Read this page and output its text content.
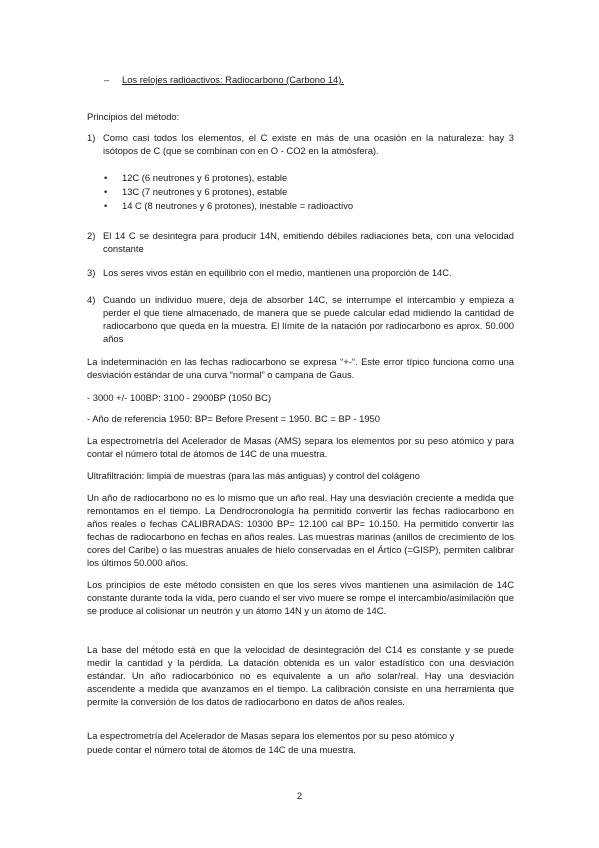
– Los relojes radioactivos: Radiocarbono (Carbono 14).

Principios del método:

1) Como casi todos los elementos, el C existe en más de una ocasión en la naturaleza: hay 3 isótopos de C (que se combinan con en O - CO2 en la atmósfera).
• 12C (6 neutrones y 6 protones), estable
• 13C (7 neutrones y 6 protones), estable
• 14 C (8 neutrones y 6 protones), inestable = radioactivo
2) El 14 C se desintegra para producir 14N, emitiendo débiles radiaciones beta, con una velocidad constante
3) Los seres vivos están en equilibrio con el medio, mantienen una proporción de 14C.
4) Cuando un individuo muere, deja de absorber 14C, se interrumpe el intercambio y empieza a perder el que tiene almacenado, de manera que se puede calcular edad midiendo la cantidad de radiocarbono que queda en la muestra. El límite de la natación por radiocarbono es aprox. 50.000 años

La indeterminación en las fechas radiocarbono se expresa “+-“. Este error típico funciona como una desviación estándar de una curva “normal” o campana de Gaus.

- 3000 +/- 100BP: 3100 - 2900BP (1050 BC)

- Año de referencia 1950: BP= Before Present = 1950. BC = BP - 1950

La espectrometría del Acelerador de Masas (AMS) separa los elementos por su peso atómico y para contar el número total de átomos de 14C de una muestra.

Ultrafiltración: limpia de muestras (para las más antiguas) y control del colágeno

Un año de radiocarbono no es lo mismo que un año real. Hay una desviación creciente a medida que remontamos en el tiempo. La Dendrocronología ha permitido convertir las fechas radiocarbono en años reales o fechas CALIBRADAS: 10300 BP= 12.100 cal BP= 10.150. Ha permitido convertir las fechas de radiocarbono en fechas en años reales. Las muestras marinas (anillos de crecimiento de los cores del Caribe) o las muestras anuales de hielo conservadas en el Ártico (=GISP), permiten calibrar los últimos 50.000 años.

Los principios de este método consisten en que los seres vivos mantienen una asimilación de 14C constante durante toda la vida, pero cuando el ser vivo muere se rompe el intercambio/asimilación que se produce al colisionar un neutrón y un átomo 14N y un átomo de 14C.

La base del método está en que la velocidad de desintegración del C14 es constante y se puede medir la cantidad y la pérdida. La datación obtenida es un valor estadístico con una desviación estándar. Un año radiocarbónico no es equivalente a un año solar/real. Hay una desviación ascendente a medida que avanzamos en el tiempo. La calibración consiste en una herramienta que permite la conversión de los datos de radiocarbono en datos de años reales.

La espectrometría del Acelerador de Masas separa los elementos por su peso atómico y

puede contar el número total de átomos de 14C de una muestra.

2
